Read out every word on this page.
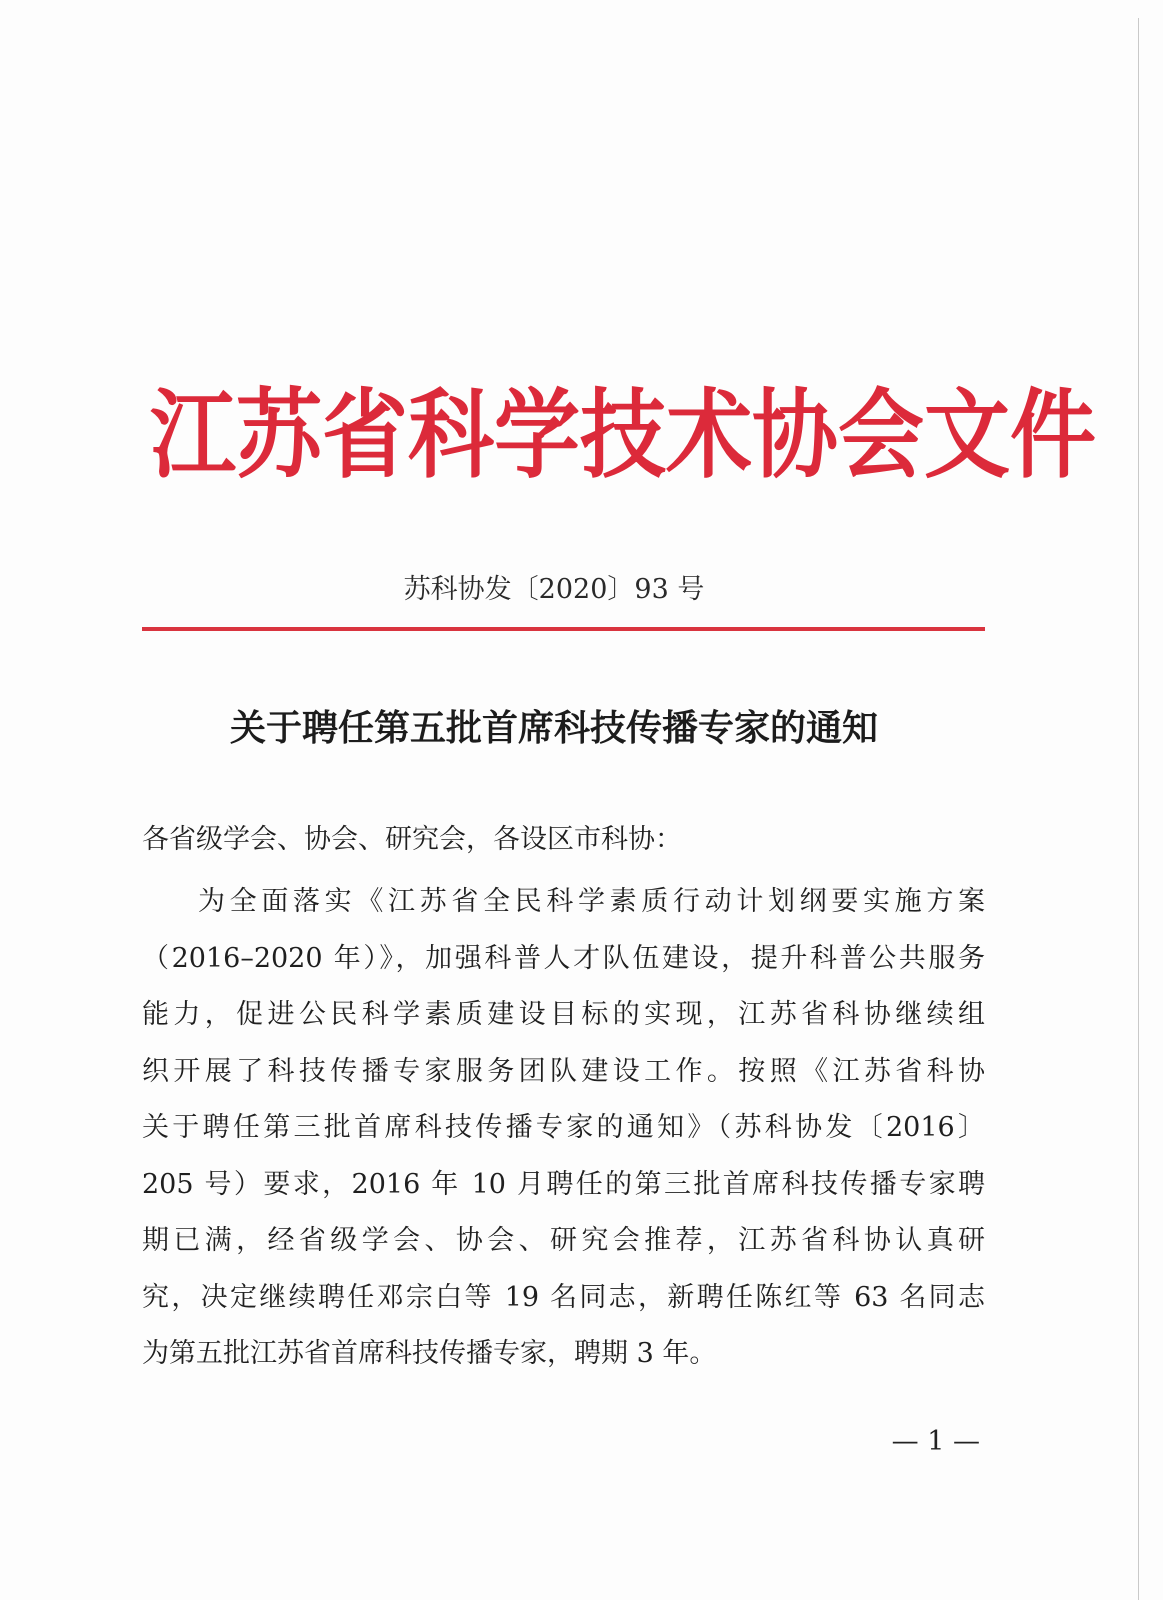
江苏省科学技术协会文件
苏科协发〔2020〕93 号
关于聘任第五批首席科技传播专家的通知

各省级学会、协会、研究会，各设区市科协：

为全面落实《江苏省全民科学素质行动计划纲要实施方案
（2016–2020 年）》，加强科普人才队伍建设，提升科普公共服务
能力，促进公民科学素质建设目标的实现，江苏省科协继续组
织开展了科技传播专家服务团队建设工作。按照《江苏省科协
关于聘任第三批首席科技传播专家的通知》（苏科协发〔2016〕
205 号）要求，2016 年 10 月聘任的第三批首席科技传播专家聘
期已满，经省级学会、协会、研究会推荐，江苏省科协认真研
究，决定继续聘任邓宗白等 19 名同志，新聘任陈红等 63 名同志
为第五批江苏省首席科技传播专家，聘期 3 年。
— 1 —
